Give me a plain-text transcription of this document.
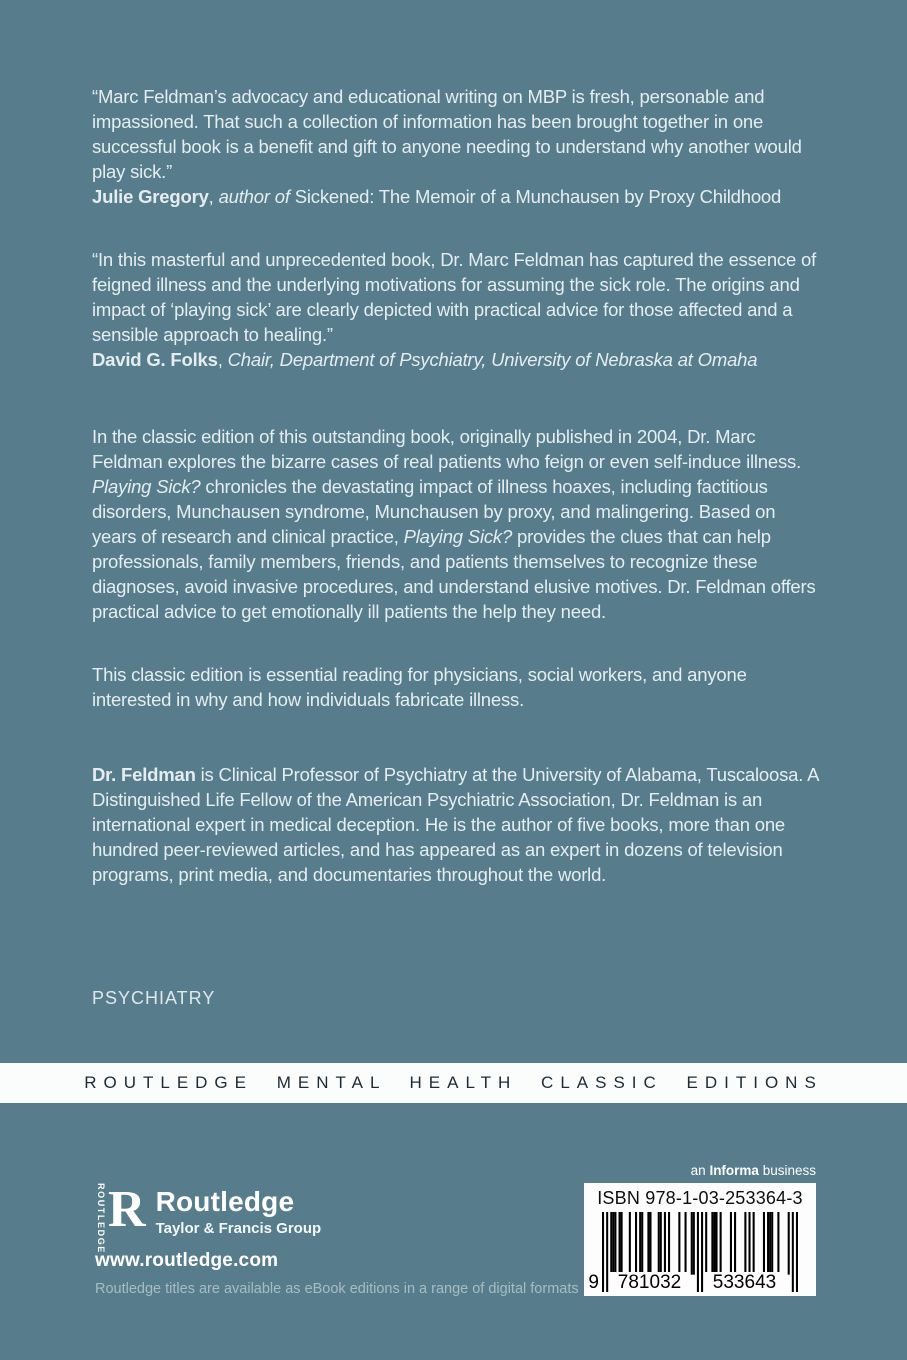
“Marc Feldman’s advocacy and educational writing on MBP is fresh, personable and impassioned. That such a collection of information has been brought together in one successful book is a benefit and gift to anyone needing to understand why another would play sick.”

Julie Gregory, author of Sickened: The Memoir of a Munchausen by Proxy Childhood

“In this masterful and unprecedented book, Dr. Marc Feldman has captured the essence of feigned illness and the underlying motivations for assuming the sick role. The origins and impact of ‘playing sick’ are clearly depicted with practical advice for those affected and a sensible approach to healing.”

David G. Folks, Chair, Department of Psychiatry, University of Nebraska at Omaha

In the classic edition of this outstanding book, originally published in 2004, Dr. Marc Feldman explores the bizarre cases of real patients who feign or even self-induce illness. Playing Sick? chronicles the devastating impact of illness hoaxes, including factitious disorders, Munchausen syndrome, Munchausen by proxy, and malingering. Based on years of research and clinical practice, Playing Sick? provides the clues that can help professionals, family members, friends, and patients themselves to recognize these diagnoses, avoid invasive procedures, and understand elusive motives. Dr. Feldman offers practical advice to get emotionally ill patients the help they need.

This classic edition is essential reading for physicians, social workers, and anyone interested in why and how individuals fabricate illness.

Dr. Feldman is Clinical Professor of Psychiatry at the University of Alabama, Tuscaloosa. A Distinguished Life Fellow of the American Psychiatric Association, Dr. Feldman is an international expert in medical deception. He is the author of five books, more than one hundred peer-reviewed articles, and has appeared as an expert in dozens of television programs, print media, and documentaries throughout the world.

PSYCHIATRY
ROUTLEDGE MENTAL HEALTH CLASSIC EDITIONS
ROUTLEDGE R Routledge
Taylor & Francis Group
www.routledge.com
Routledge titles are available as eBook editions in a range of digital formats
an Informa business
ISBN 978-1-03-253364-3
9 781032	533643
